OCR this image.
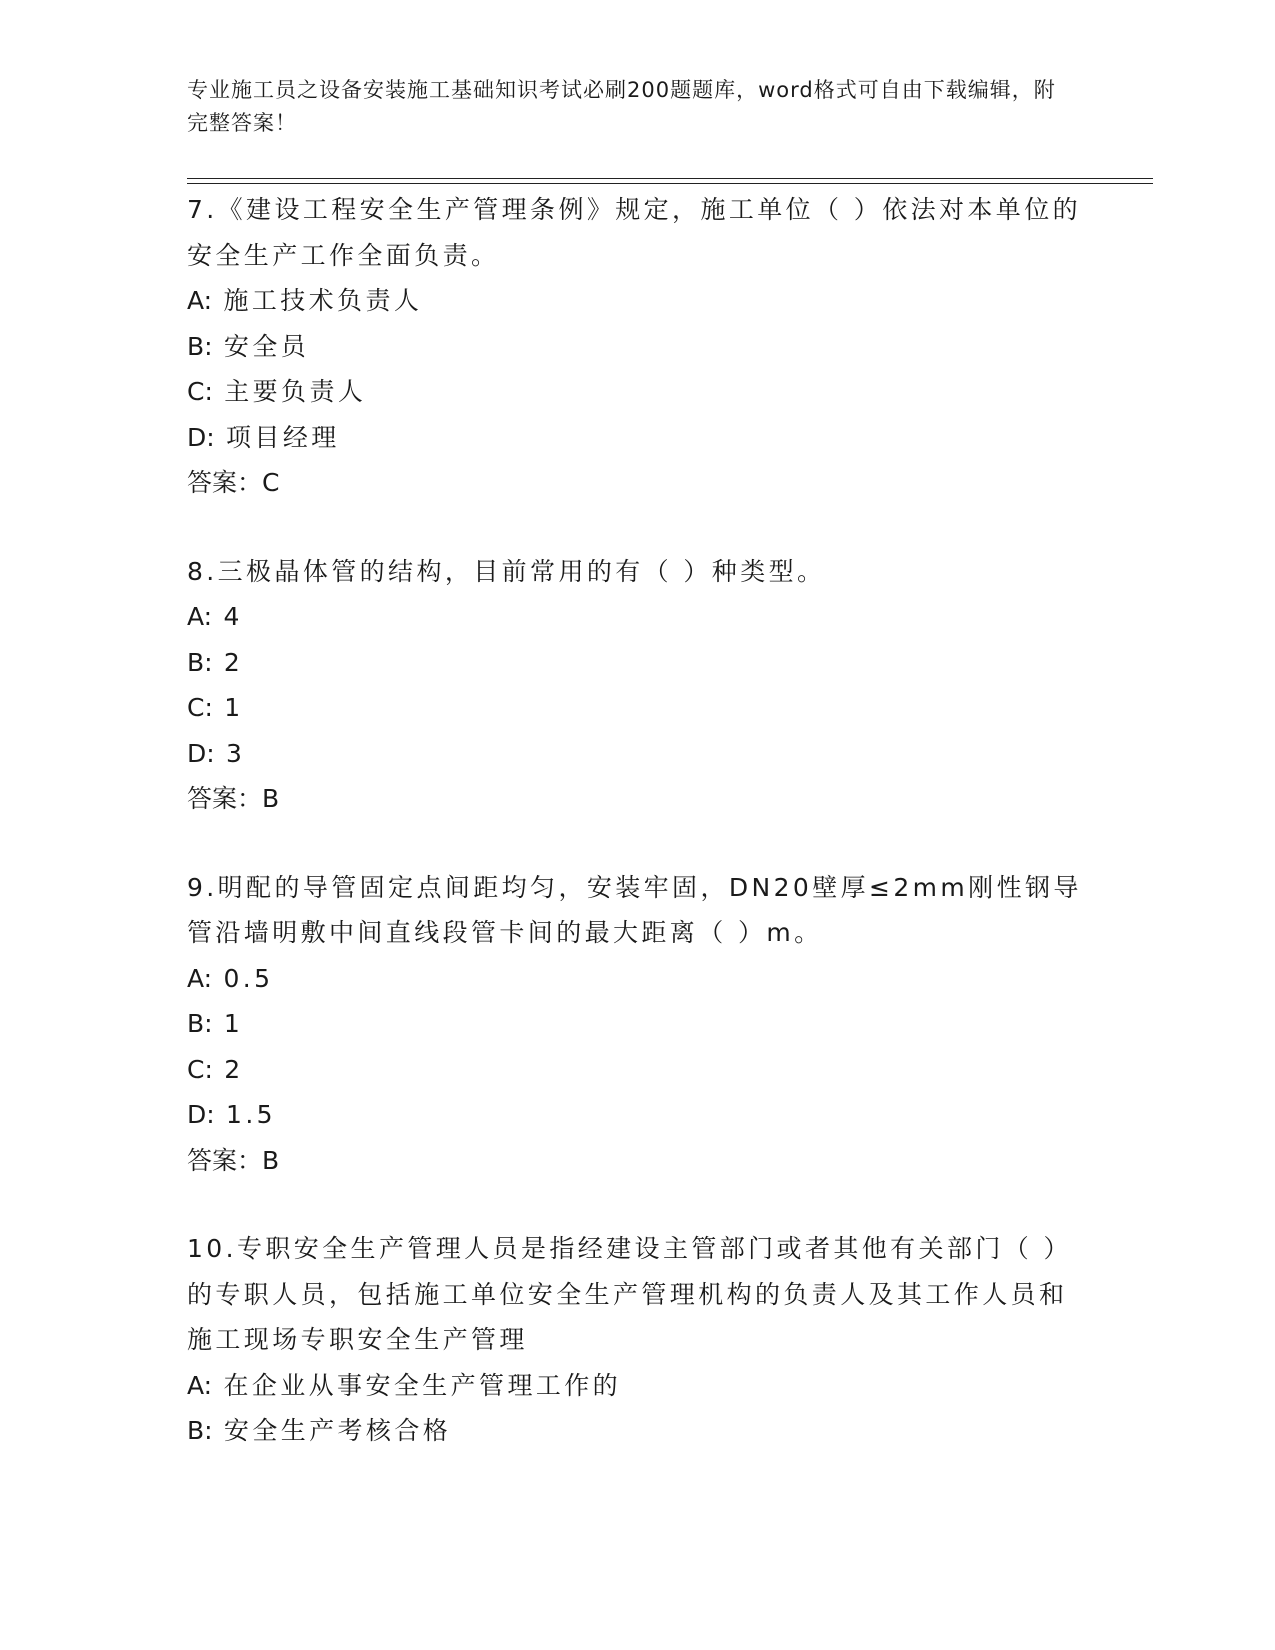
专业施工员之设备安装施工基础知识考试必刷200题题库，word格式可自由下载编辑，附完整答案！

7.《建设工程安全生产管理条例》规定，施工单位（ ）依法对本单位的安全生产工作全面负责。

A: 施工技术负责人

B: 安全员

C: 主要负责人

D: 项目经理

答案：C

8.三极晶体管的结构，目前常用的有（ ）种类型。

A: 4

B: 2

C: 1

D: 3

答案：B

9.明配的导管固定点间距均匀，安装牢固，DN20壁厚≤2mm刚性钢导管沿墙明敷中间直线段管卡间的最大距离（ ）m。

A: 0.5

B: 1

C: 2

D: 1.5

答案：B

10.专职安全生产管理人员是指经建设主管部门或者其他有关部门（ ）的专职人员，包括施工单位安全生产管理机构的负责人及其工作人员和施工现场专职安全生产管理

A: 在企业从事安全生产管理工作的

B: 安全生产考核合格
